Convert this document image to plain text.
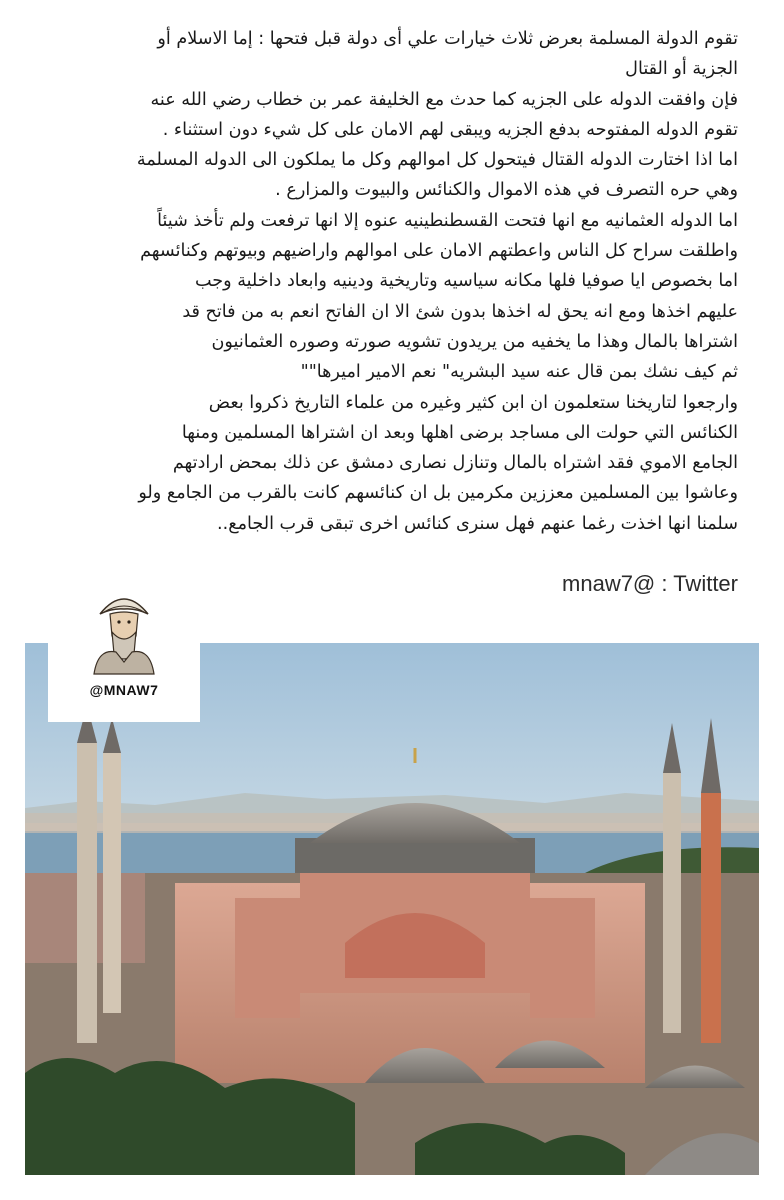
تقوم الدولة المسلمة بعرض ثلاث خيارات علي أى دولة قبل فتحها : إما الاسلام أو

الجزية أو القتال

فإن وافقت الدوله على الجزيه كما حدث مع الخليفة عمر بن خطاب رضي الله عنه

تقوم الدوله المفتوحه بدفع الجزيه ويبقى لهم الامان على كل شيء دون استثناء .

اما اذا اختارت الدوله القتال فيتحول كل اموالهم وكل ما يملكون الى الدوله المسلمة

وهي حره التصرف في هذه الاموال والكنائس والبيوت والمزارع .

اما الدوله العثمانيه مع انها فتحت القسطنطينيه عنوه إلا انها ترفعت ولم تأخذ شيئاً

واطلقت سراح كل الناس واعطتهم الامان على اموالهم واراضيهم وبيوتهم وكنائسهم

اما بخصوص ايا صوفيا فلها مكانه سياسيه وتاريخية ودينيه وابعاد داخلية وجب

عليهم اخذها ومع انه يحق له اخذها بدون شئ الا ان الفاتح انعم به من فاتح قد

اشتراها بالمال وهذا ما يخفيه من يريدون تشويه صورته وصوره العثمانيون

ثم كيف نشك بمن قال عنه سيد البشريه" نعم الامير اميرها""

وارجعوا لتاريخنا ستعلمون ان ابن كثير وغيره من علماء التاريخ ذكروا بعض

الكنائس التي حولت الى مساجد برضى اهلها وبعد ان اشتراها المسلمين ومنها

الجامع الاموي فقد اشتراه بالمال وتنازل نصارى دمشق عن ذلك بمحض ارادتهم

وعاشوا بين المسلمين معززين مكرمين بل ان كنائسهم كانت بالقرب من الجامع ولو

سلمنا انها اخذت رغما عنهم فهل سنرى كنائس اخرى تبقى قرب الجامع..

mnaw7@ : Twitter
@MNAW7
